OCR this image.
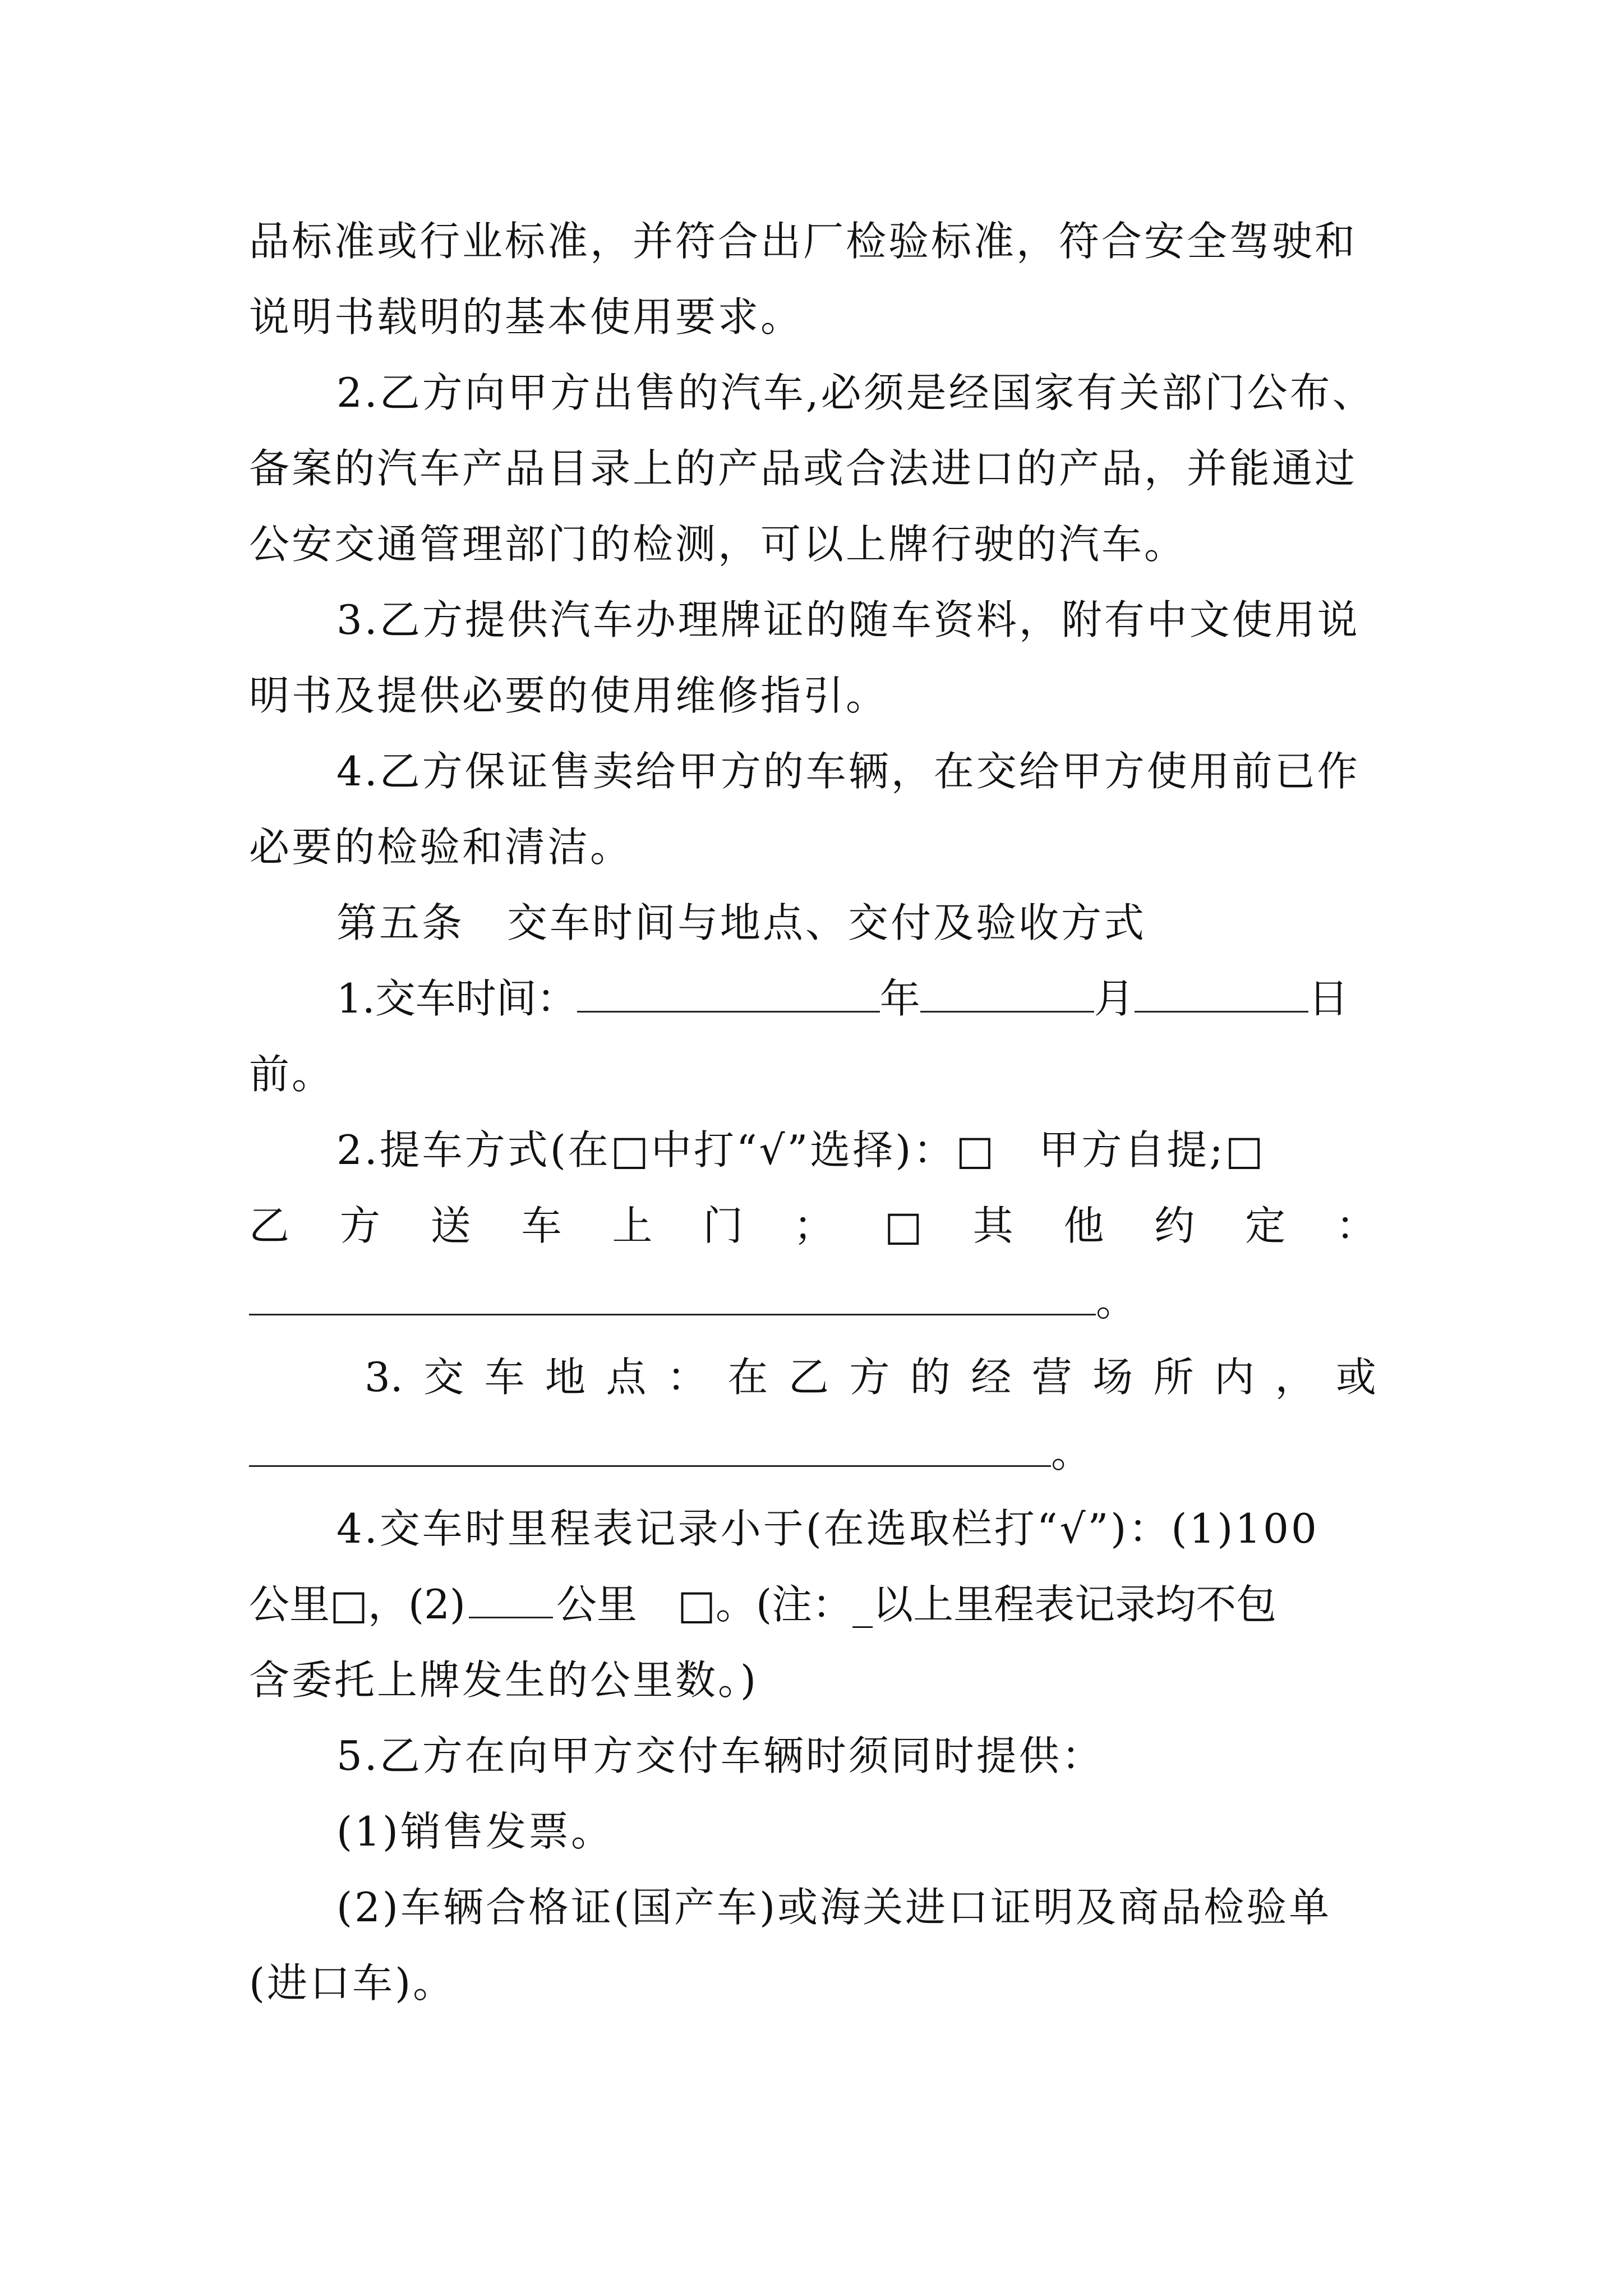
品标准或行业标准，并符合出厂检验标准，符合安全驾驶和
说明书载明的基本使用要求。
2.乙方向甲方出售的汽车,必须是经国家有关部门公布、
备案的汽车产品目录上的产品或合法进口的产品，并能通过
公安交通管理部门的检测，可以上牌行驶的汽车。
3.乙方提供汽车办理牌证的随车资料，附有中文使用说
明书及提供必要的使用维修指引。
4.乙方保证售卖给甲方的车辆，在交给甲方使用前已作
必要的检验和清洁。
第五条　交车时间与地点、交付及验收方式
1.交车时间：	年	月	日
前。
2.提车方式(在□中打“√”选择)：□　甲方自提;□
乙 方 送 车 上 门 ； □ 其 他 约 定 ：
。
3. 交 车 地 点 ： 在 乙 方 的 经 营 场 所 内 ， 或
。
4.交车时里程表记录小于(在选取栏打“√”)：(1)100
公里□，(2) 公里　□。(注：_以上里程表记录均不包
含委托上牌发生的公里数。)
5.乙方在向甲方交付车辆时须同时提供：
(1)销售发票。
(2)车辆合格证(国产车)或海关进口证明及商品检验单
(进口车)。
